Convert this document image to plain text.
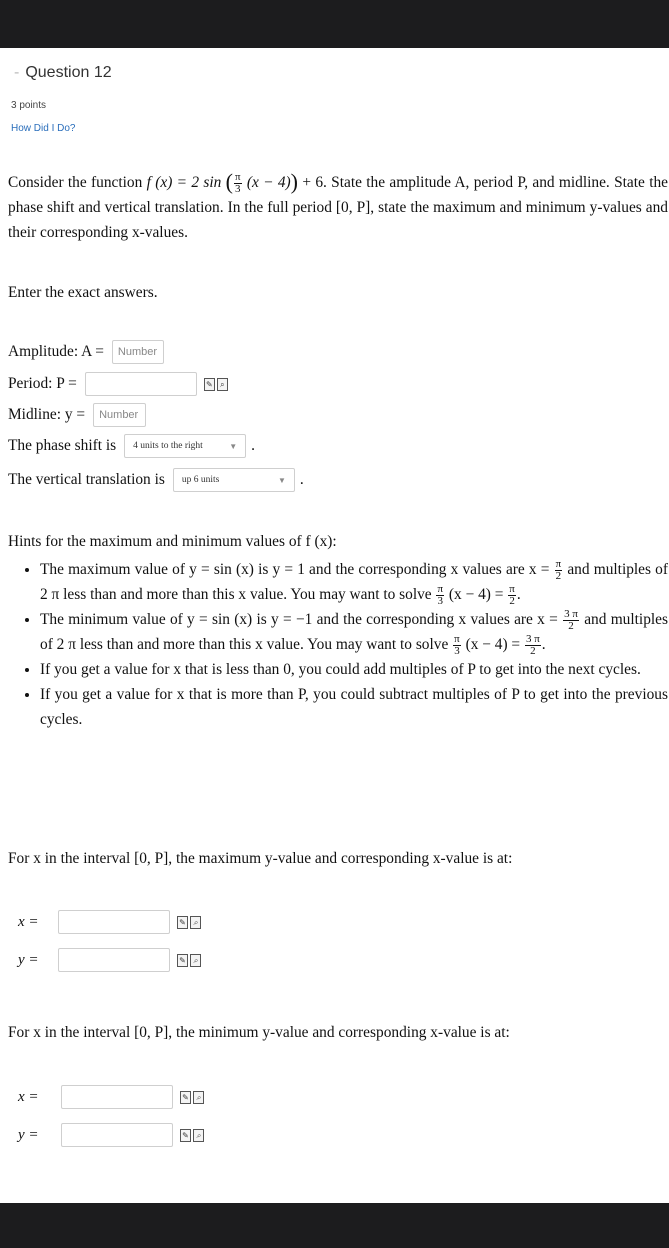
- Question 12
3 points
How Did I Do?
Consider the function f (x) = 2 sin ( $\frac{\pi}{3} (x - 4)) + 6$. State the amplitude A, period P, and midline. State the phase shift and vertical translation. In the full period [0, P], state the maximum and minimum y-values and their corresponding x-values.
Enter the exact answers.
Amplitude: A =	Number
Period: P =	✎ ⌕
Midline: y =	Number
The phase shift is 4 units to the right	▼ .
The vertical translation is up 6 units	▼ .
Hints for the maximum and minimum values of f (x):
• The maximum value of y = sin (x) is y = 1 and the corresponding x values are $x = \frac{\pi}{2}$ and multiples of 2 π less than and more than this x value. You may want to solve $\frac{\pi}{3} (x - 4) = \frac{\pi}{2}$ .
• The minimum value of y = sin (x) is y = −1 and the corresponding x values are $x = \frac{3 \pi}{2}$ and multiples of 2 π less than and more than this x value. You may want to solve $\frac{\pi}{3} (x - 4) = \frac{3 \pi}{2}$ .
• If you get a value for x that is less than 0, you could add multiples of P to get into the next cycles.
• If you get a value for x that is more than P, you could subtract multiples of P to get into the previous cycles.
For x in the interval [0, P], the maximum y-value and corresponding x-value is at:
x =	✎ ⌕
y =	✎ ⌕
For x in the interval [0, P], the minimum y-value and corresponding x-value is at:
x =	✎ ⌕
y =	✎ ⌕
